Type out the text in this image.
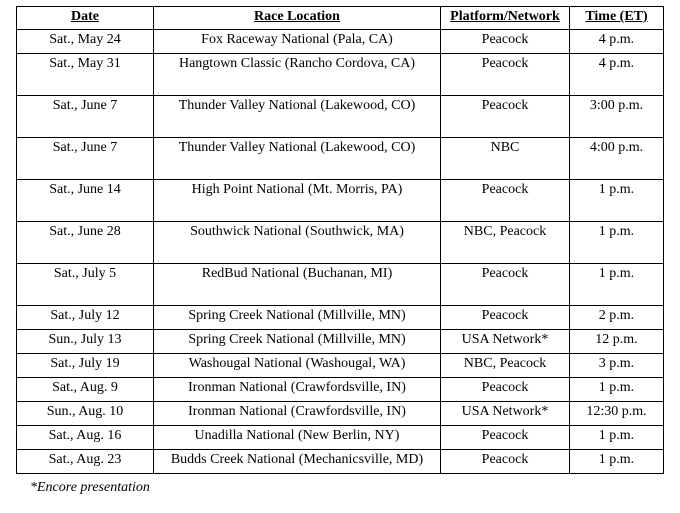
Date	Race Location	Platform/Network	Time (ET)
Sat., May 24	Fox Raceway National (Pala, CA)	Peacock	4 p.m.
Sat., May 31	Hangtown Classic (Rancho Cordova, CA)	Peacock	4 p.m.
Sat., June 7	Thunder Valley National (Lakewood, CO)	Peacock	3:00 p.m.
Sat., June 7	Thunder Valley National (Lakewood, CO)	NBC	4:00 p.m.
Sat., June 14	High Point National (Mt. Morris, PA)	Peacock	1 p.m.
Sat., June 28	Southwick National (Southwick, MA)	NBC, Peacock	1 p.m.
Sat., July 5	RedBud National (Buchanan, MI)	Peacock	1 p.m.
Sat., July 12	Spring Creek National (Millville, MN)	Peacock	2 p.m.
Sun., July 13	Spring Creek National (Millville, MN)	USA Network*	12 p.m.
Sat., July 19	Washougal National (Washougal, WA)	NBC, Peacock	3 p.m.
Sat., Aug. 9	Ironman National (Crawfordsville, IN)	Peacock	1 p.m.
Sun., Aug. 10	Ironman National (Crawfordsville, IN)	USA Network*	12:30 p.m.
Sat., Aug. 16	Unadilla National (New Berlin, NY)	Peacock	1 p.m.
Sat., Aug. 23	Budds Creek National (Mechanicsville, MD)	Peacock	1 p.m.
*Encore presentation
